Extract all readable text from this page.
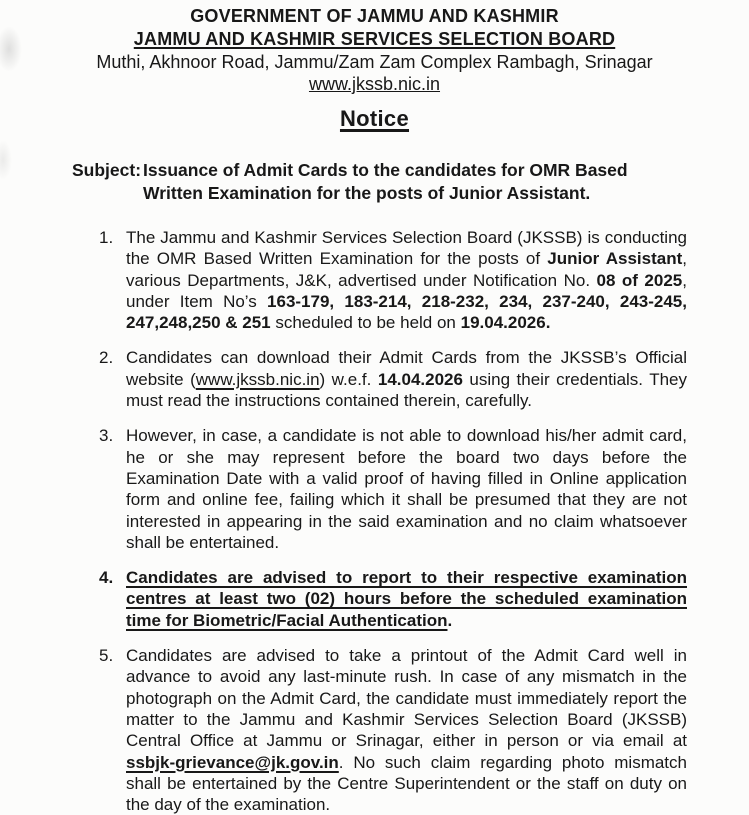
GOVERNMENT OF JAMMU AND KASHMIR
JAMMU AND KASHMIR SERVICES SELECTION BOARD
Muthi, Akhnoor Road, Jammu/Zam Zam Complex Rambagh, Srinagar
www.jkssb.nic.in
Notice
Subject: Issuance of Admit Cards to the candidates for OMR Based Written Examination for the posts of Junior Assistant.
1. The Jammu and Kashmir Services Selection Board (JKSSB) is conducting the OMR Based Written Examination for the posts of Junior Assistant, various Departments, J&K, advertised under Notification No. 08 of 2025, under Item No’s 163-179, 183-214, 218-232, 234, 237-240, 243-245, 247,248,250 & 251 scheduled to be held on 19.04.2026.
2. Candidates can download their Admit Cards from the JKSSB’s Official website (www.jkssb.nic.in) w.e.f. 14.04.2026 using their credentials. They must read the instructions contained therein, carefully.
3. However, in case, a candidate is not able to download his/her admit card, he or she may represent before the board two days before the Examination Date with a valid proof of having filled in Online application form and online fee, failing which it shall be presumed that they are not interested in appearing in the said examination and no claim whatsoever shall be entertained.
4. Candidates are advised to report to their respective examination centres at least two (02) hours before the scheduled examination time for Biometric/Facial Authentication.
5. Candidates are advised to take a printout of the Admit Card well in advance to avoid any last-minute rush. In case of any mismatch in the photograph on the Admit Card, the candidate must immediately report the matter to the Jammu and Kashmir Services Selection Board (JKSSB) Central Office at Jammu or Srinagar, either in person or via email at ssbjk-grievance@jk.gov.in. No such claim regarding photo mismatch shall be entertained by the Centre Superintendent or the staff on duty on the day of the examination.
